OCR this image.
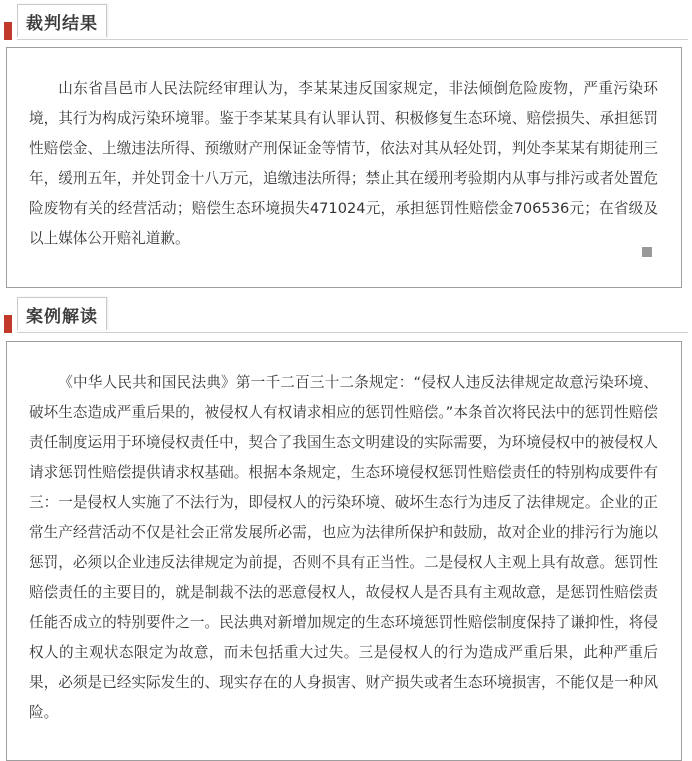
裁判结果

山东省昌邑市人民法院经审理认为，李某某违反国家规定，非法倾倒危险废物，严重污染环境，其行为构成污染环境罪。鉴于李某某具有认罪认罚、积极修复生态环境、赔偿损失、承担惩罚性赔偿金、上缴违法所得、预缴财产刑保证金等情节，依法对其从轻处罚，判处李某某有期徒刑三年，缓刑五年，并处罚金十八万元，追缴违法所得；禁止其在缓刑考验期内从事与排污或者处置危险废物有关的经营活动；赔偿生态环境损失471024元，承担惩罚性赔偿金706536元；在省级及以上媒体公开赔礼道歉。

案例解读

《中华人民共和国民法典》第一千二百三十二条规定：“侵权人违反法律规定故意污染环境、破坏生态造成严重后果的，被侵权人有权请求相应的惩罚性赔偿。”本条首次将民法中的惩罚性赔偿责任制度运用于环境侵权责任中，契合了我国生态文明建设的实际需要，为环境侵权中的被侵权人请求惩罚性赔偿提供请求权基础。根据本条规定，生态环境侵权惩罚性赔偿责任的特别构成要件有三：一是侵权人实施了不法行为，即侵权人的污染环境、破坏生态行为违反了法律规定。企业的正常生产经营活动不仅是社会正常发展所必需，也应为法律所保护和鼓励，故对企业的排污行为施以惩罚，必须以企业违反法律规定为前提，否则不具有正当性。二是侵权人主观上具有故意。惩罚性赔偿责任的主要目的，就是制裁不法的恶意侵权人，故侵权人是否具有主观故意，是惩罚性赔偿责任能否成立的特别要件之一。民法典对新增加规定的生态环境惩罚性赔偿制度保持了谦抑性，将侵权人的主观状态限定为故意，而未包括重大过失。三是侵权人的行为造成严重后果，此种严重后果，必须是已经实际发生的、现实存在的人身损害、财产损失或者生态环境损害，不能仅是一种风险。
